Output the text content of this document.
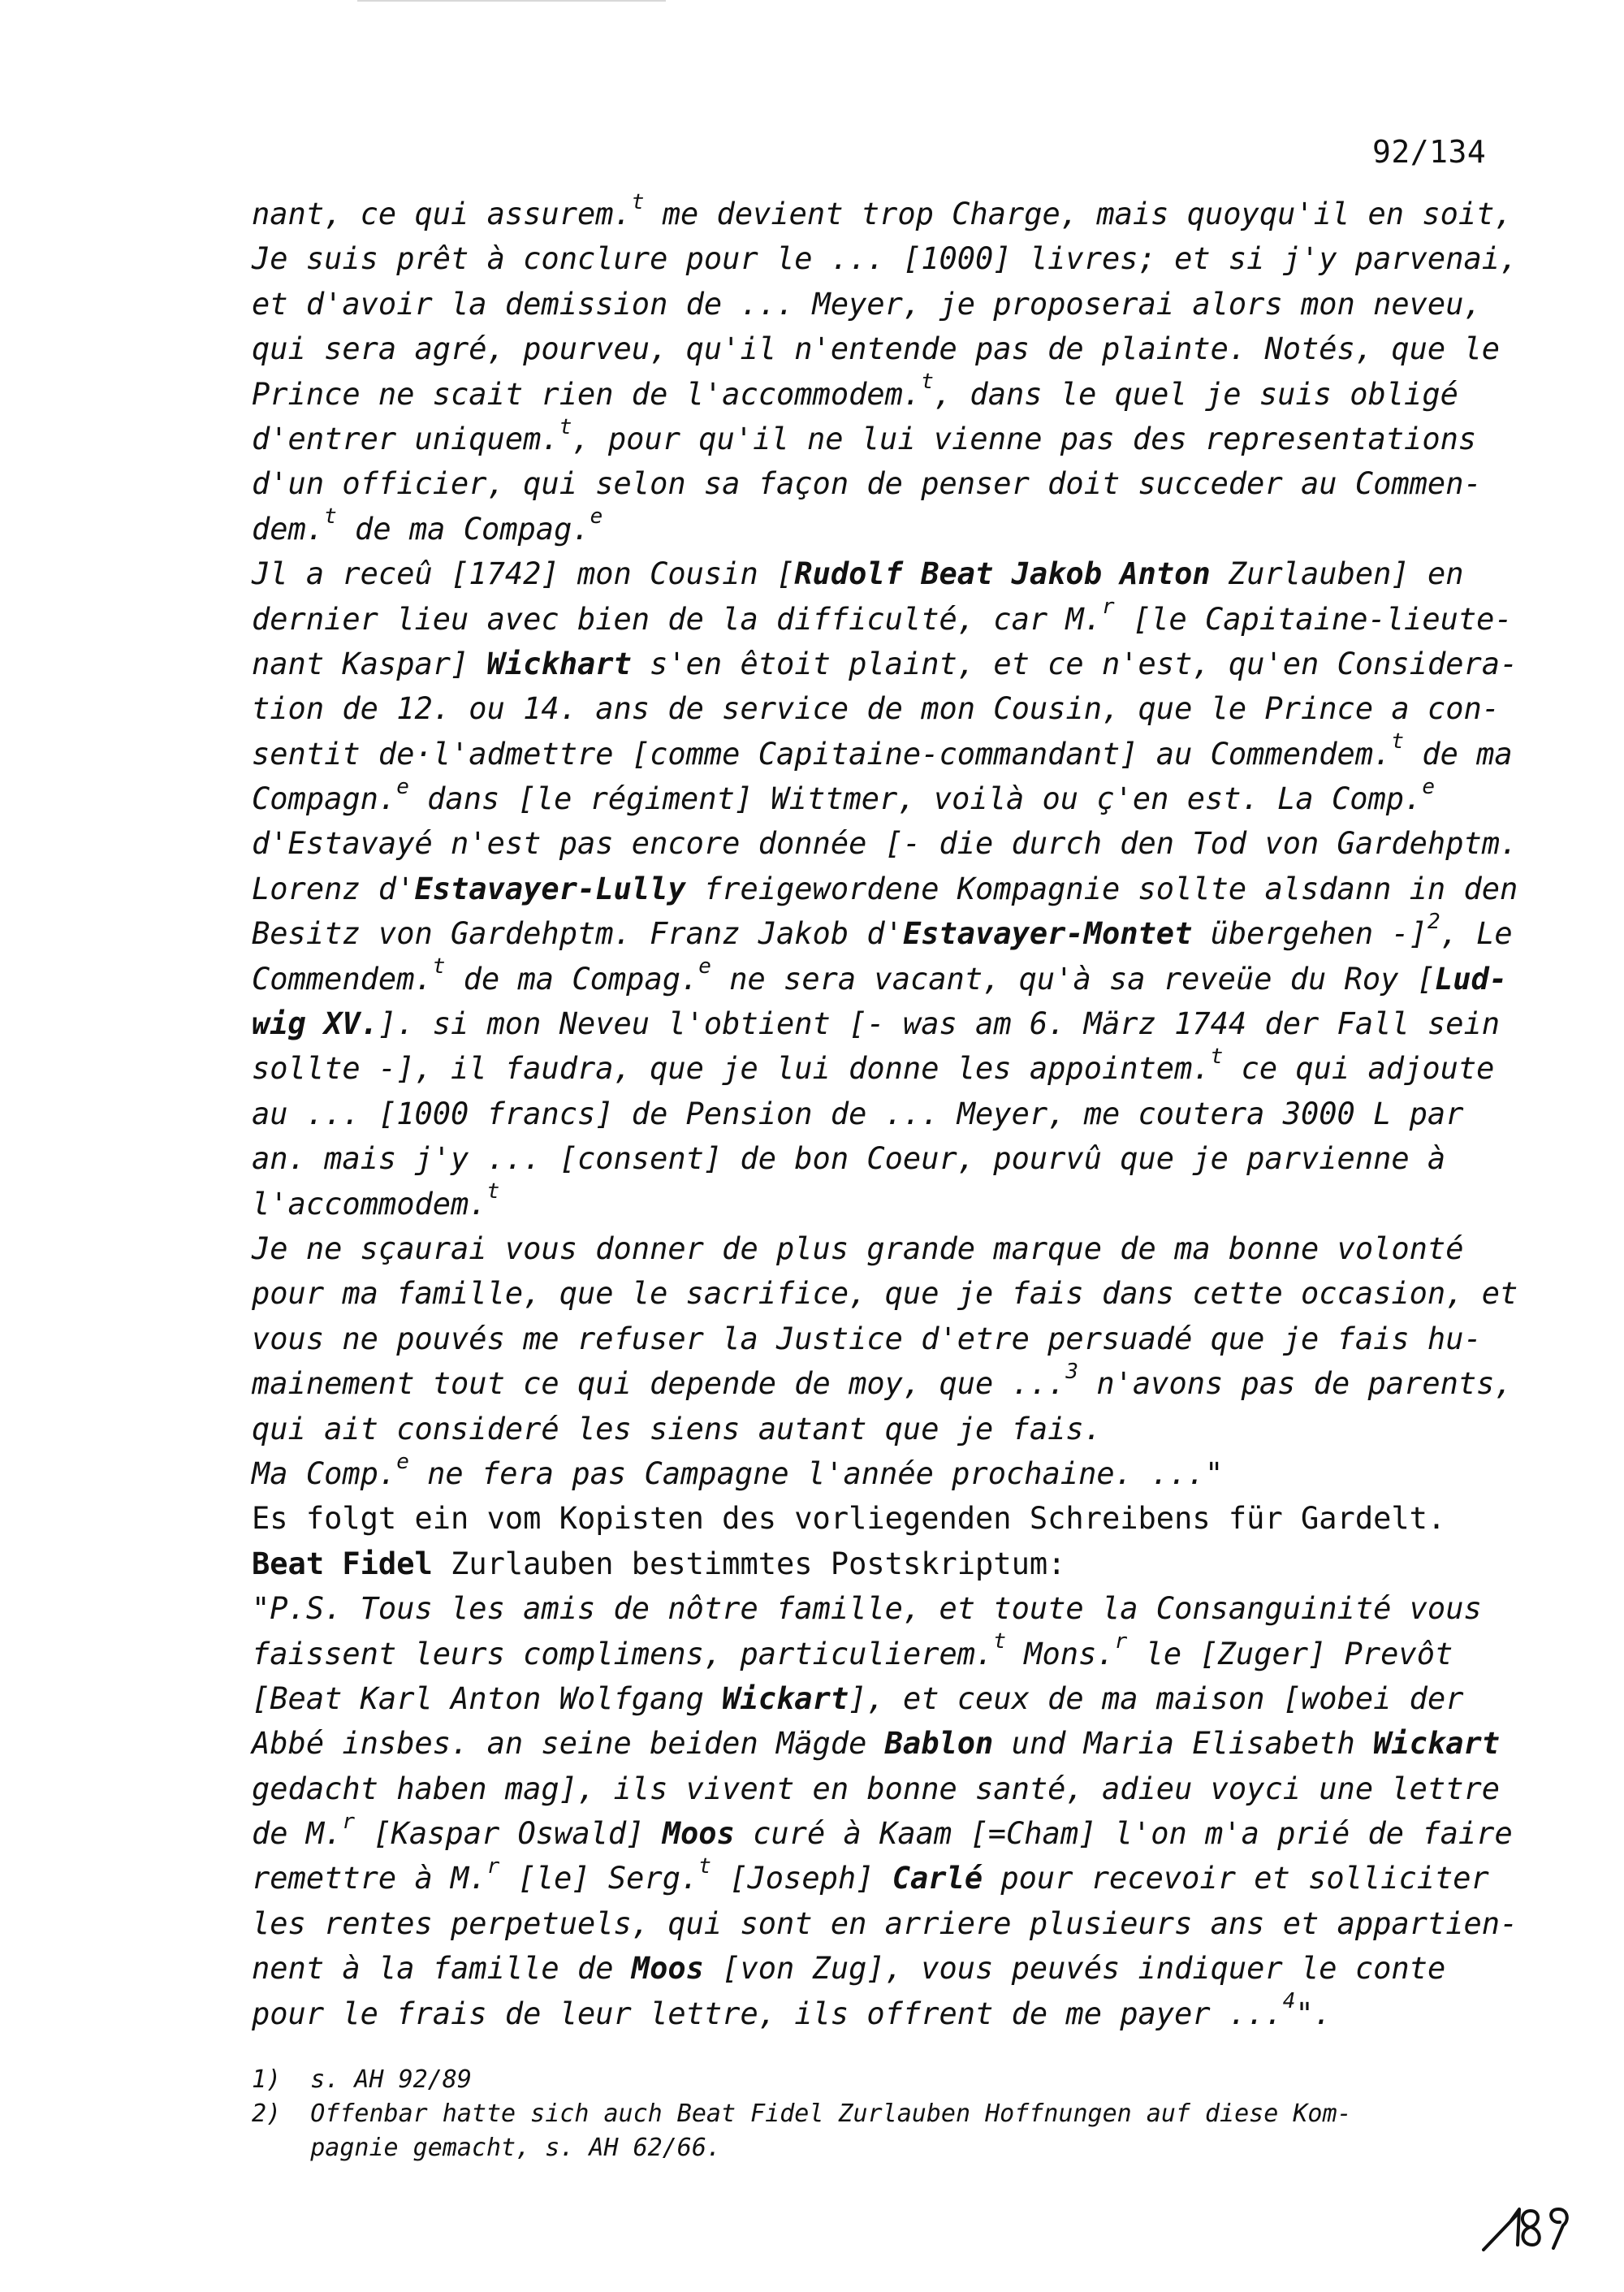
92/134
nant, ce qui assurem.$^t$ me devient trop Charge, mais quoyqu'il en soit,
Je suis prêt à conclure pour le ... [1000] livres; et si j'y parvenai,
et d'avoir la demission de ... Meyer, je proposerai alors mon neveu,
qui sera agré, pourveu, qu'il n'entende pas de plainte. Notés, que le
Prince ne scait rien de l'accommodem.$^t$, dans le quel je suis obligé
d'entrer uniquem.$^t$, pour qu'il ne lui vienne pas des representations
d'un officier, qui selon sa façon de penser doit succeder au Commen-
dem.$^t$ de ma Compag.$^e$
Jl a receû [1742] mon Cousin [Rudolf Beat Jakob Anton Zurlauben] en
dernier lieu avec bien de la difficulté, car M.$^r$ [le Capitaine-lieute-
nant Kaspar] Wickhart s'en êtoit plaint, et ce n'est, qu'en Considera-
tion de 12. ou 14. ans de service de mon Cousin, que le Prince a con-
sentit de·l'admettre [comme Capitaine-commandant] au Commendem.$^t$ de ma
Compagn.$^e$ dans [le régiment] Wittmer, voilà ou ç'en est. La Comp.$^e$
d'Estavayé n'est pas encore donnée [- die durch den Tod von Gardehptm.
Lorenz d'Estavayer-Lully freigewordene Kompagnie sollte alsdann in den
Besitz von Gardehptm. Franz Jakob d'Estavayer-Montet übergehen -]$^2$, Le
Commendem.$^t$ de ma Compag.$^e$ ne sera vacant, qu'à sa reveüe du Roy [Lud-
wig XV.]. si mon Neveu l'obtient [- was am 6. März 1744 der Fall sein
sollte -], il faudra, que je lui donne les appointem.$^t$ ce qui adjoute
au ... [1000 francs] de Pension de ... Meyer, me coutera 3000 L par
an. mais j'y ... [consent] de bon Coeur, pourvû que je parvienne à
l'accommodem.$^t$
Je ne sçaurai vous donner de plus grande marque de ma bonne volonté
pour ma famille, que le sacrifice, que je fais dans cette occasion, et
vous ne pouvés me refuser la Justice d'etre persuadé que je fais hu-
mainement tout ce qui depende de moy, que ...$^3$ n'avons pas de parents,
qui ait consideré les siens autant que je fais.
Ma Comp.$^e$ ne fera pas Campagne l'année prochaine. ..."
Es folgt ein vom Kopisten des vorliegenden Schreibens für Gardelt.
Beat Fidel Zurlauben bestimmtes Postskriptum:
"P.S. Tous les amis de nôtre famille, et toute la Consanguinité vous
faissent leurs complimens, particulierem.$^t$ Mons.$^r$ le [Zuger] Prevôt
[Beat Karl Anton Wolfgang Wickart], et ceux de ma maison [wobei der
Abbé insbes. an seine beiden Mägde Bablon und Maria Elisabeth Wickart
gedacht haben mag], ils vivent en bonne santé, adieu voyci une lettre
de M.$^r$ [Kaspar Oswald] Moos curé à Kaam [=Cham] l'on m'a prié de faire
remettre à M.$^r$ [le] Serg.$^t$ [Joseph] Carlé pour recevoir et solliciter
les rentes perpetuels, qui sont en arriere plusieurs ans et appartien-
nent à la famille de Moos [von Zug], vous peuvés indiquer le conte
pour le frais de leur lettre, ils offrent de me payer ...$^4$".
1)  s. AH 92/89
2)  Offenbar hatte sich auch Beat Fidel Zurlauben Hoffnungen auf diese Kom-
pagnie gemacht, s. AH 62/66.
